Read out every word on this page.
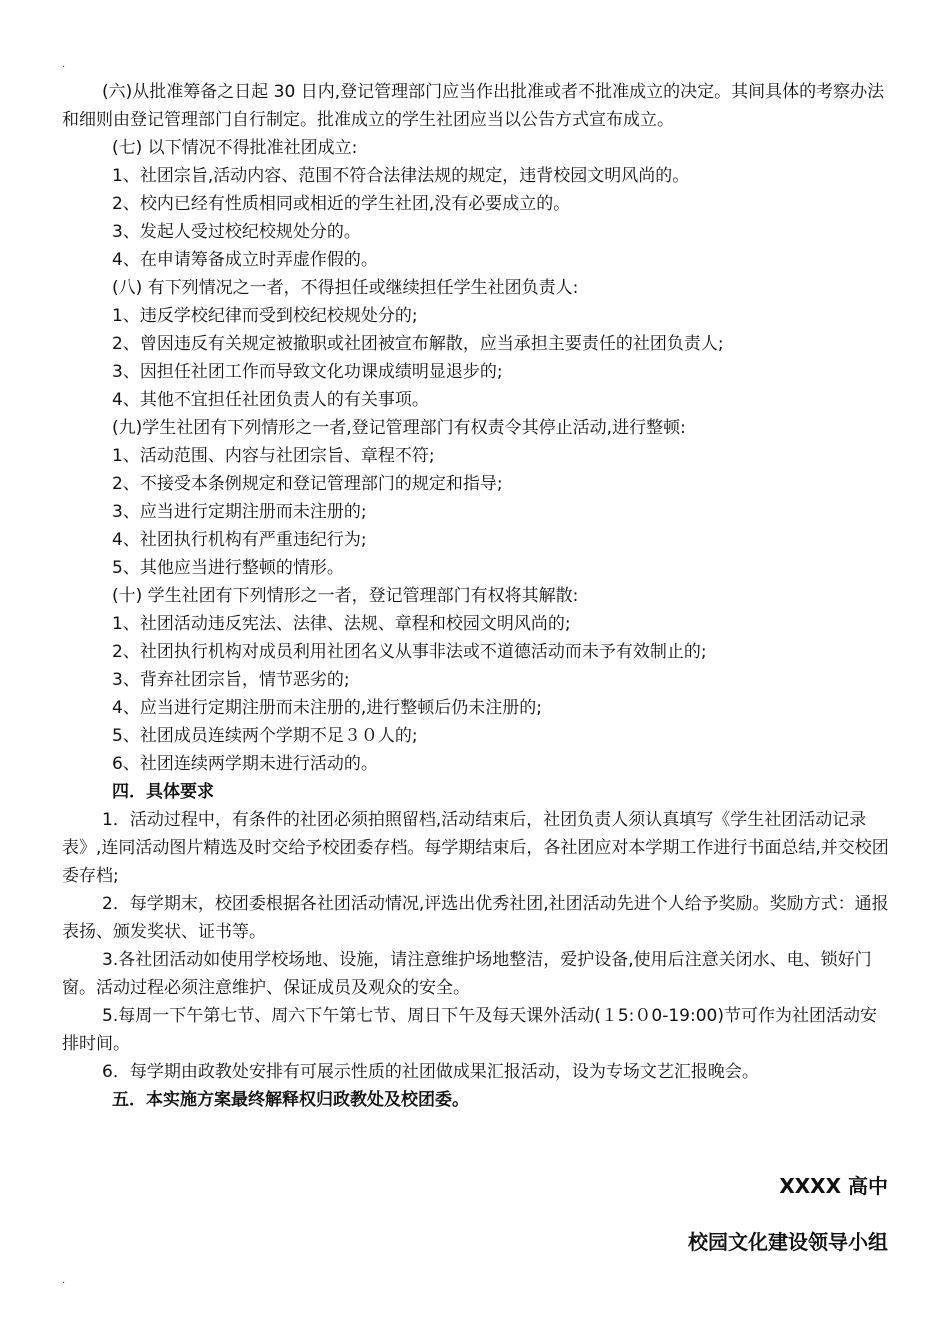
.
(六)从批准筹备之日起 30 日内,登记管理部门应当作出批准或者不批准成立的决定。其间具体的考察办法和细则由登记管理部门自行制定。批准成立的学生社团应当以公告方式宣布成立。
(七) 以下情况不得批准社团成立:
1、社团宗旨,活动内容、范围不符合法律法规的规定，违背校园文明风尚的。
2、校内已经有性质相同或相近的学生社团,没有必要成立的。
3、发起人受过校纪校规处分的。
4、在申请筹备成立时弄虚作假的。
(八) 有下列情况之一者，不得担任或继续担任学生社团负责人:
1、违反学校纪律而受到校纪校规处分的;
2、曾因违反有关规定被撤职或社团被宣布解散，应当承担主要责任的社团负责人;
3、因担任社团工作而导致文化功课成绩明显退步的;
4、其他不宜担任社团负责人的有关事项。
(九)学生社团有下列情形之一者,登记管理部门有权责令其停止活动,进行整顿:
1、活动范围、内容与社团宗旨、章程不符;
2、不接受本条例规定和登记管理部门的规定和指导;
3、应当进行定期注册而未注册的;
4、社团执行机构有严重违纪行为;
5、其他应当进行整顿的情形。
(十) 学生社团有下列情形之一者，登记管理部门有权将其解散:
1、社团活动违反宪法、法律、法规、章程和校园文明风尚的;
2、社团执行机构对成员利用社团名义从事非法或不道德活动而未予有效制止的;
3、背弃社团宗旨，情节恶劣的;
4、应当进行定期注册而未注册的,进行整顿后仍未注册的;
5、社团成员连续两个学期不足３０人的;
6、社团连续两学期未进行活动的。
四．具体要求
1．活动过程中，有条件的社团必须拍照留档,活动结束后，社团负责人须认真填写《学生社团活动记录表》,连同活动图片精选及时交给予校团委存档。每学期结束后，各社团应对本学期工作进行书面总结,并交校团委存档;
2．每学期末，校团委根据各社团活动情况,评选出优秀社团,社团活动先进个人给予奖励。奖励方式：通报表扬、颁发奖状、证书等。
3.各社团活动如使用学校场地、设施，请注意维护场地整洁，爱护设备,使用后注意关闭水、电、锁好门窗。活动过程必须注意维护、保证成员及观众的安全。
5.每周一下午第七节、周六下午第七节、周日下午及每天课外活动(１5:０0-19:00)节可作为社团活动安排时间。
6．每学期由政教处安排有可展示性质的社团做成果汇报活动，设为专场文艺汇报晚会。
五．本实施方案最终解释权归政教处及校团委。
XXXX 高中
校园文化建设领导小组
.
